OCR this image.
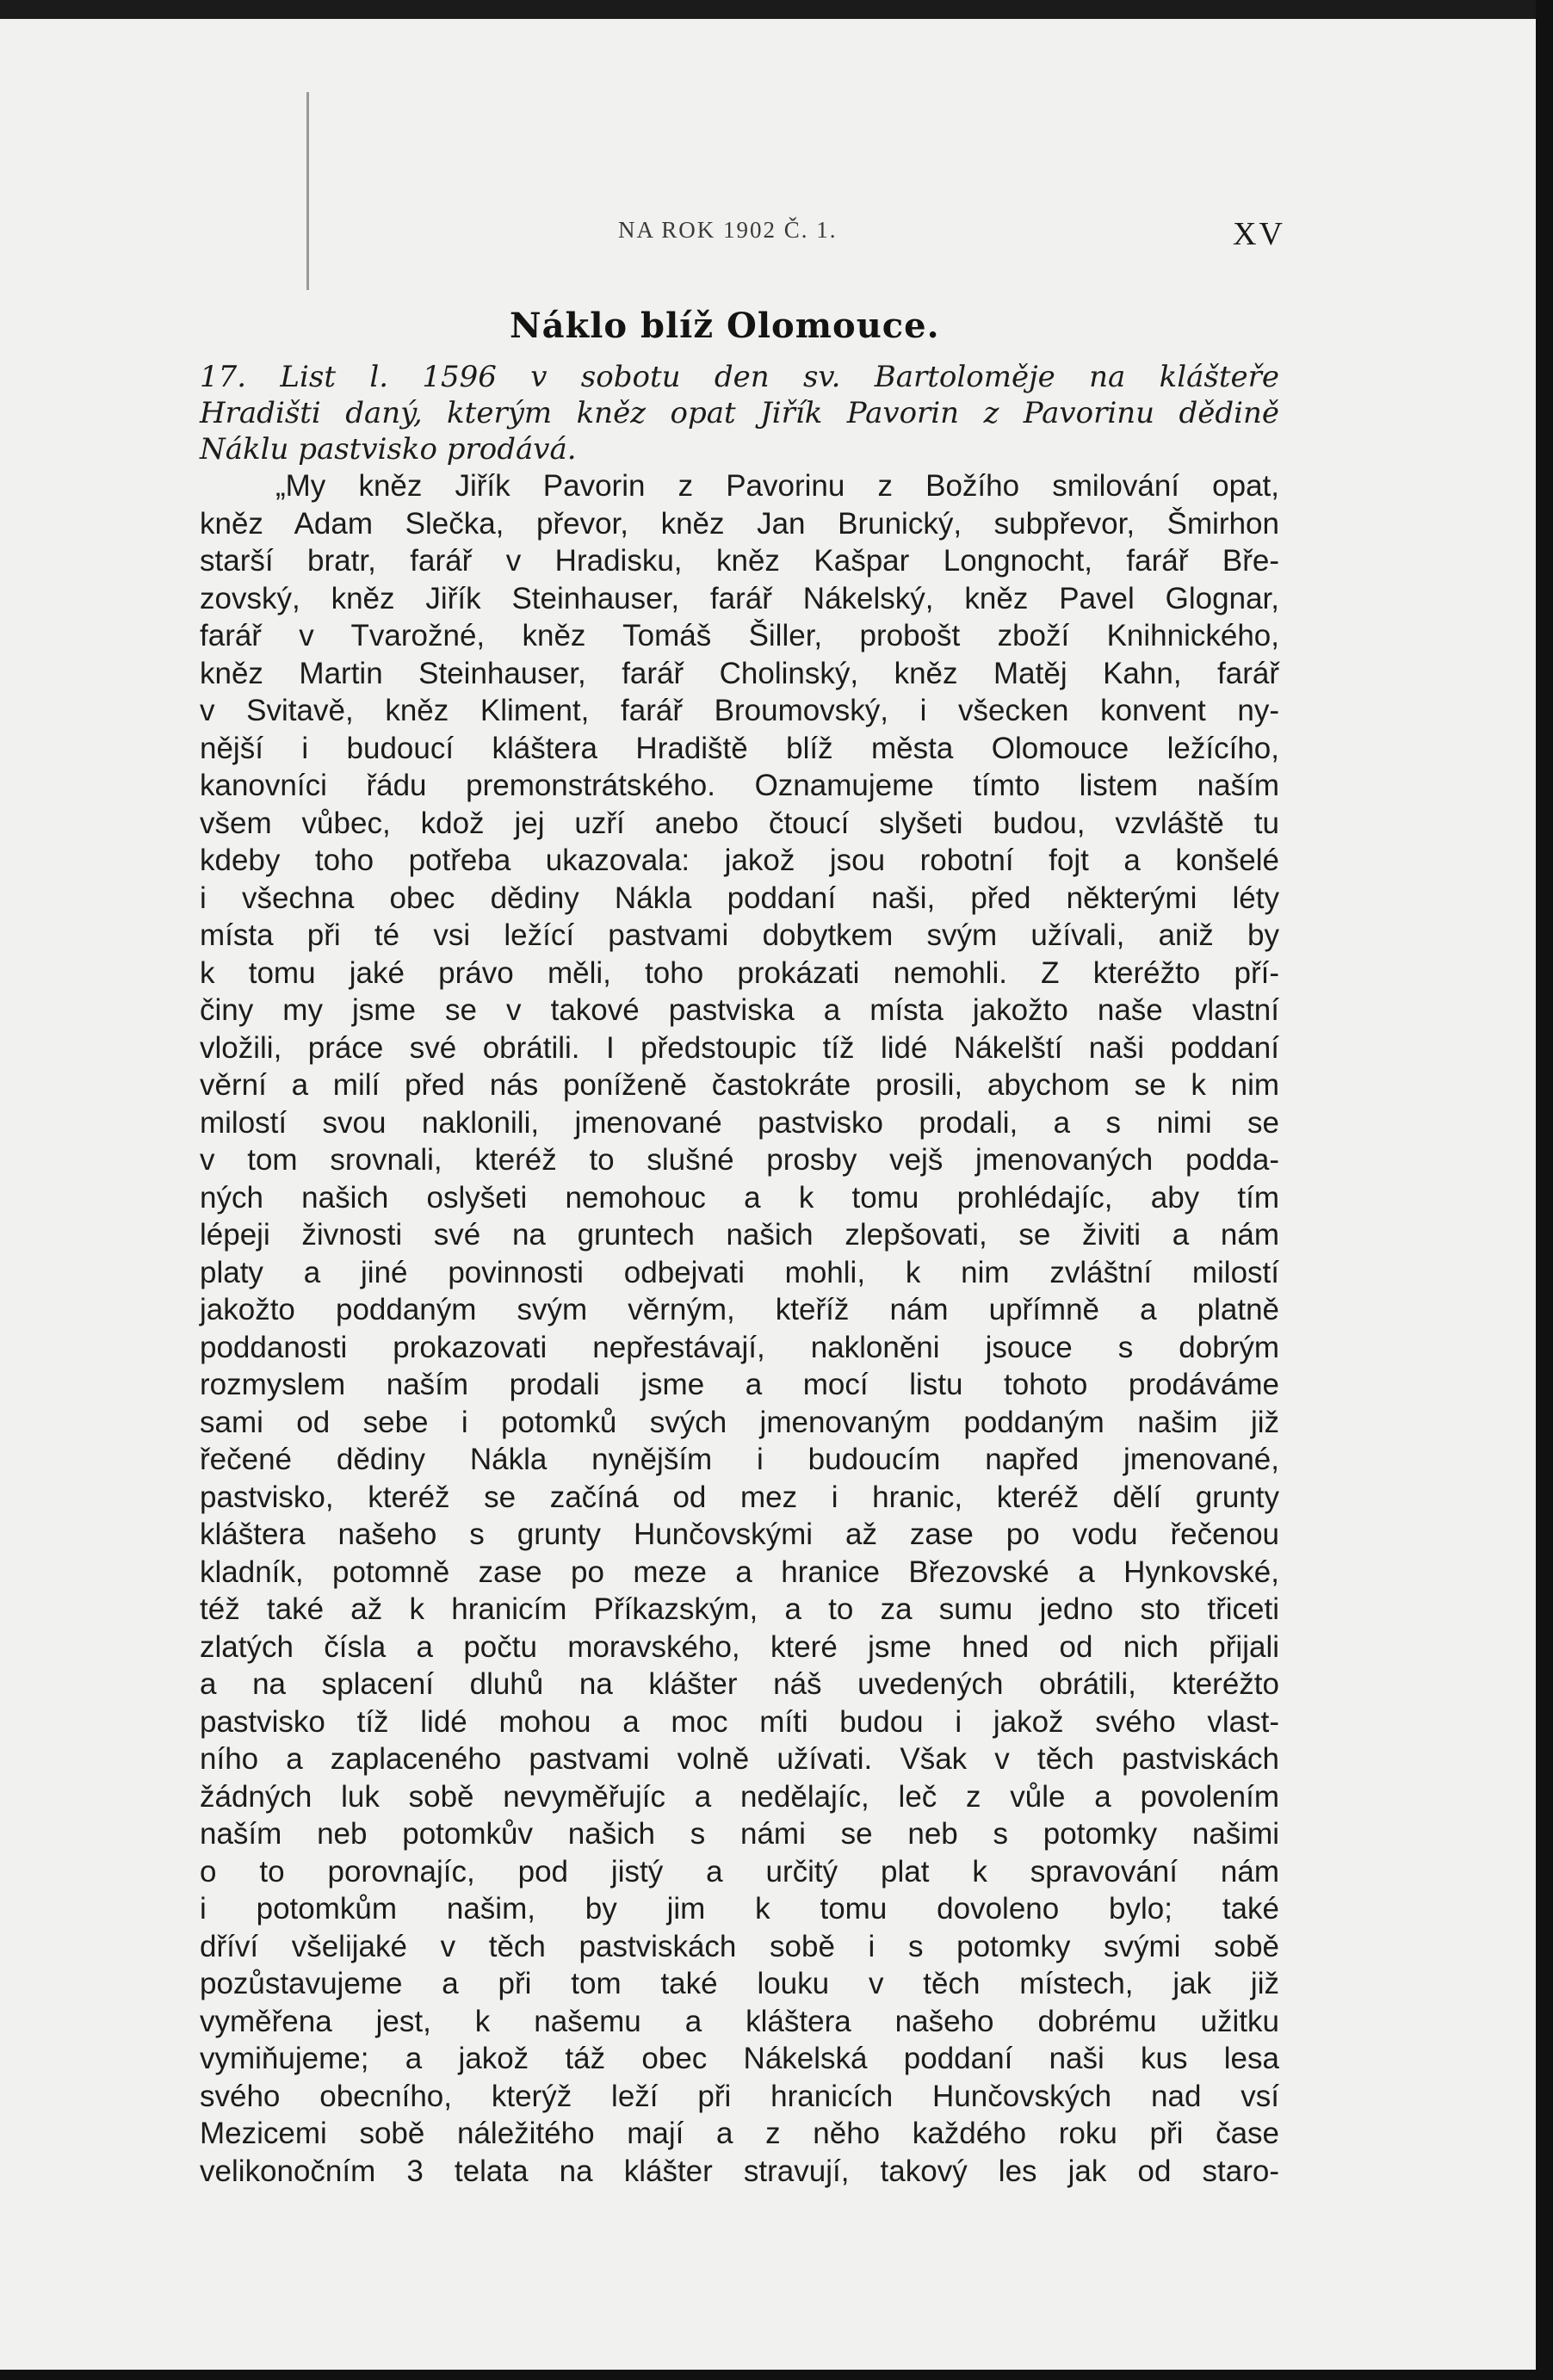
NA ROK 1902 Č. 1.	XV
Náklo blíž Olomouce.
17. List l. 1596 v sobotu den sv. Bartoloměje na klášteře
Hradišti daný, kterým kněz opat Jiřík Pavorin z Pavorinu dědině
Náklu pastvisko prodává.
„My kněz Jiřík Pavorin z Pavorinu z Božího smilování opat,
kněz Adam Slečka, převor, kněz Jan Brunický, subpřevor, Šmirhon
starší bratr, farář v Hradisku, kněz Kašpar Longnocht, farář Bře-
zovský, kněz Jiřík Steinhauser, farář Nákelský, kněz Pavel Glognar,
farář v Tvarožné, kněz Tomáš Šiller, probošt zboží Knihnického,
kněz Martin Steinhauser, farář Cholinský, kněz Matěj Kahn, farář
v Svitavě, kněz Kliment, farář Broumovský, i všecken konvent ny-
nější i budoucí kláštera Hradiště blíž města Olomouce ležícího,
kanovníci řádu premonstrátského. Oznamujeme tímto listem naším
všem vůbec, kdož jej uzří anebo čtoucí slyšeti budou, vzvláště tu
kdeby toho potřeba ukazovala: jakož jsou robotní fojt a konšelé
i všechna obec dědiny Nákla poddaní naši, před některými léty
místa při té vsi ležící pastvami dobytkem svým užívali, aniž by
k tomu jaké právo měli, toho prokázati nemohli. Z kteréžto pří-
činy my jsme se v takové pastviska a místa jakožto naše vlastní
vložili, práce své obrátili. I předstoupic tíž lidé Nákelští naši poddaní
věrní a milí před nás poníženě častokráte prosili, abychom se k nim
milostí svou naklonili, jmenované pastvisko prodali, a s nimi se
v tom srovnali, kteréž to slušné prosby vejš jmenovaných podda-
ných našich oslyšeti nemohouc a k tomu prohlédajíc, aby tím
lépeji živnosti své na gruntech našich zlepšovati, se živiti a nám
platy a jiné povinnosti odbejvati mohli, k nim zvláštní milostí
jakožto poddaným svým věrným, kteříž nám upřímně a platně
poddanosti prokazovati nepřestávají, nakloněni jsouce s dobrým
rozmyslem naším prodali jsme a mocí listu tohoto prodáváme
sami od sebe i potomků svých jmenovaným poddaným našim již
řečené dědiny Nákla nynějším i budoucím napřed jmenované,
pastvisko, kteréž se začíná od mez i hranic, kteréž dělí grunty
kláštera našeho s grunty Hunčovskými až zase po vodu řečenou
kladník, potomně zase po meze a hranice Březovské a Hynkovské,
též také až k hranicím Příkazským, a to za sumu jedno sto třiceti
zlatých čísla a počtu moravského, které jsme hned od nich přijali
a na splacení dluhů na klášter náš uvedených obrátili, kteréžto
pastvisko tíž lidé mohou a moc míti budou i jakož svého vlast-
ního a zaplaceného pastvami volně užívati. Však v těch pastviskách
žádných luk sobě nevyměřujíc a nedělajíc, leč z vůle a povolením
naším neb potomkův našich s námi se neb s potomky našimi
o to porovnajíc, pod jistý a určitý plat k spravování nám
i potomkům našim, by jim k tomu dovoleno bylo; také
dříví všelijaké v těch pastviskách sobě i s potomky svými sobě
pozůstavujeme a při tom také louku v těch místech, jak již
vyměřena jest, k našemu a kláštera našeho dobrému užitku
vymiňujeme; a jakož táž obec Nákelská poddaní naši kus lesa
svého obecního, kterýž leží při hranicích Hunčovských nad vsí
Mezicemi sobě náležitého mají a z něho každého roku při čase
velikonočním 3 telata na klášter stravují, takový les jak od staro-
